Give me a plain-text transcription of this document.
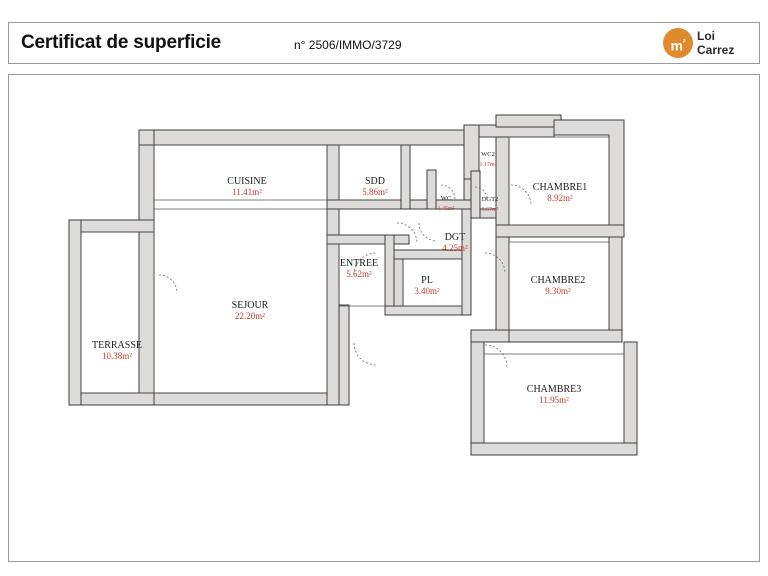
Certificat de superficie	n° 2506/IMMO/3729	$m^{^2}$ Loi
Carrez
CUISINE
11.41m²
SDD
5.86m²
WC
1.45m²
WC2
1.17m²
DGT2
1.67m²
CHAMBRE1
8.92m²
DGT
4.25m²
ENTREE
5.62m²
PL
3.40m²
CHAMBRE2
9.30m²
SEJOUR
22.20m²
TERRASSE
10.38m²
CHAMBRE3
11.95m²
